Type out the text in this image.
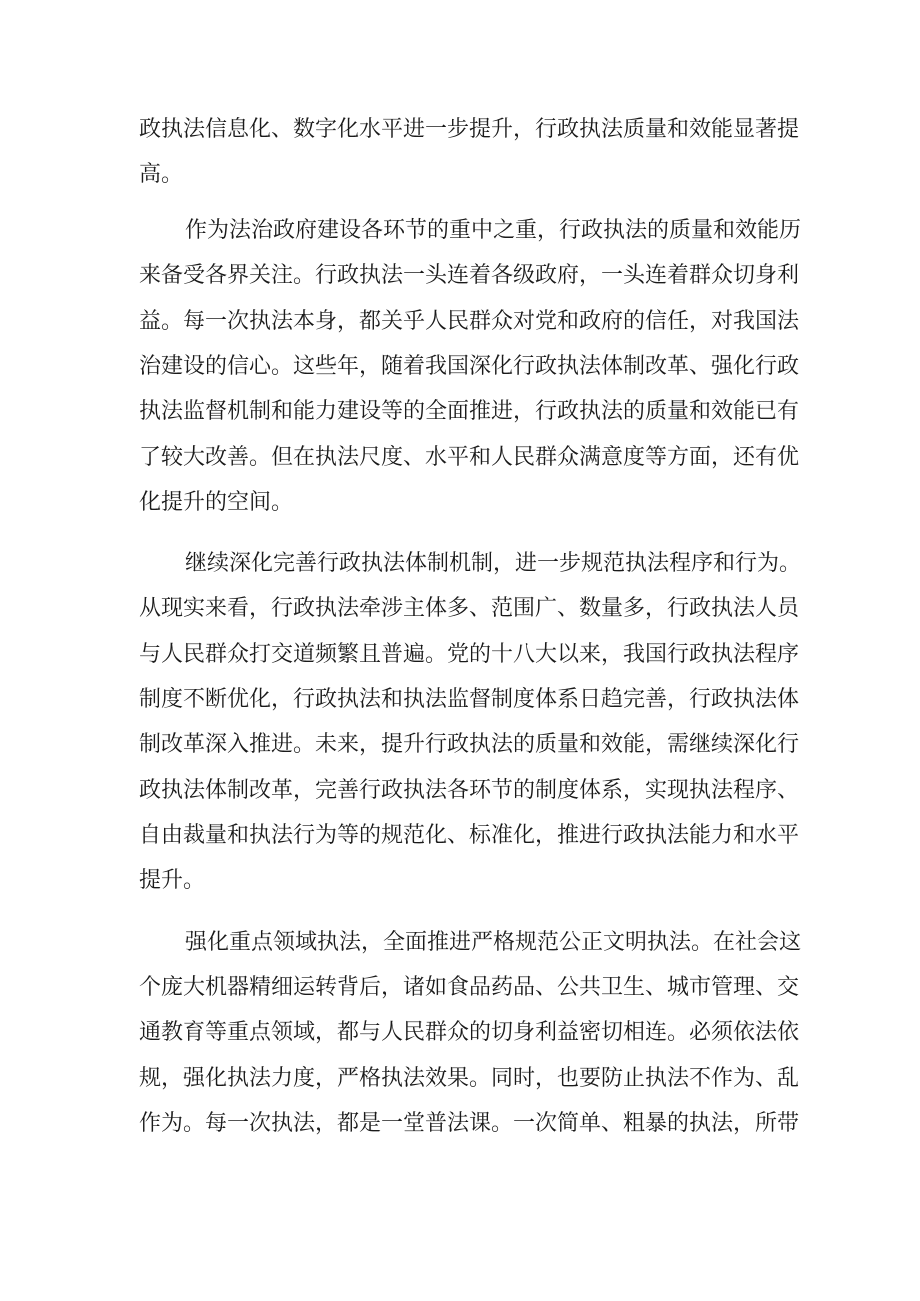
政执法信息化、数字化水平进一步提升，行政执法质量和效能显著提

高。

作为法治政府建设各环节的重中之重，行政执法的质量和效能历

来备受各界关注。行政执法一头连着各级政府，一头连着群众切身利

益。每一次执法本身，都关乎人民群众对党和政府的信任，对我国法

治建设的信心。这些年，随着我国深化行政执法体制改革、强化行政

执法监督机制和能力建设等的全面推进，行政执法的质量和效能已有

了较大改善。但在执法尺度、水平和人民群众满意度等方面，还有优

化提升的空间。

继续深化完善行政执法体制机制，进一步规范执法程序和行为。

从现实来看，行政执法牵涉主体多、范围广、数量多，行政执法人员

与人民群众打交道频繁且普遍。党的十八大以来，我国行政执法程序

制度不断优化，行政执法和执法监督制度体系日趋完善，行政执法体

制改革深入推进。未来，提升行政执法的质量和效能，需继续深化行

政执法体制改革，完善行政执法各环节的制度体系，实现执法程序、

自由裁量和执法行为等的规范化、标准化，推进行政执法能力和水平

提升。

强化重点领域执法，全面推进严格规范公正文明执法。在社会这

个庞大机器精细运转背后，诸如食品药品、公共卫生、城市管理、交

通教育等重点领域，都与人民群众的切身利益密切相连。必须依法依

规，强化执法力度，严格执法效果。同时，也要防止执法不作为、乱

作为。每一次执法，都是一堂普法课。一次简单、粗暴的执法，所带
